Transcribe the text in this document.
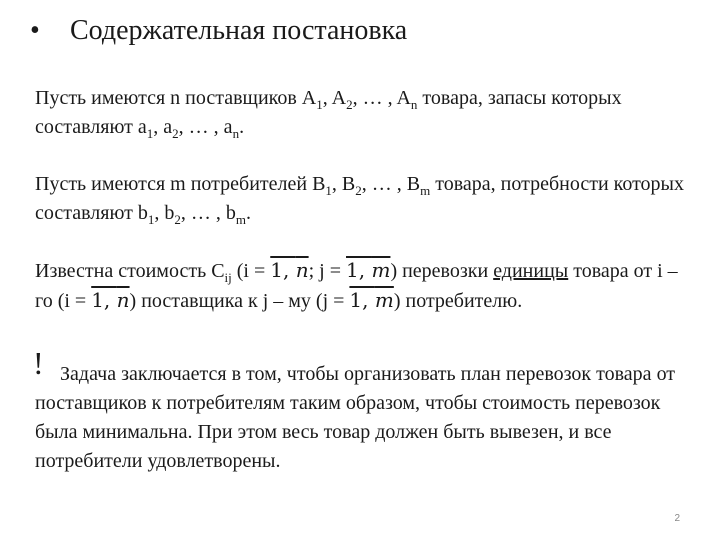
• Содержательная постановка
Пусть имеются n поставщиков $A_1$, $A_2$, … , $A_n$ товара, запасы которых составляют $a_1$, $a_2$, … , $a_n$.
Пусть имеются m потребителей $B_1$, $B_2$, … , $B_m$ товара, потребности которых составляют $b_1$, $b_2$, … , $b_m$.
Известна стоимость $C_{ij}$ (i = 1, n; j = 1, m) перевозки единицы товара от i – го (i = 1, n) поставщика к j – му (j = 1, m) потребителю.
! Задача заключается в том, чтобы организовать план перевозок товара от поставщиков к потребителям таким образом, чтобы стоимость перевозок была минимальна. При этом весь товар должен быть вывезен, и все потребители удовлетворены.
2
